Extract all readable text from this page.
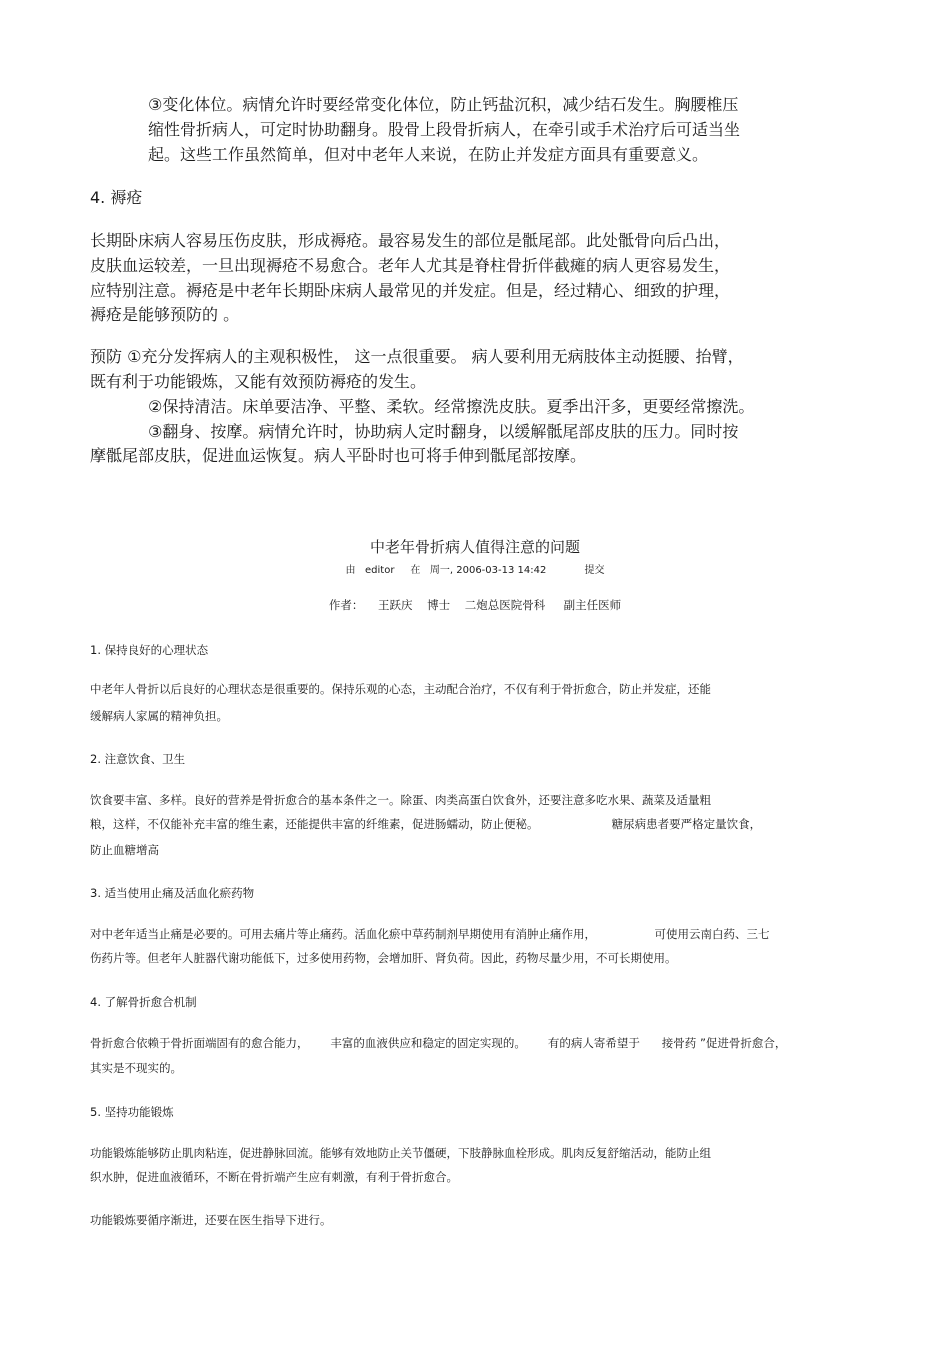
③变化体位。病情允许时要经常变化体位，防止钙盐沉积，减少结石发生。胸腰椎压

缩性骨折病人，可定时协助翻身。股骨上段骨折病人，在牵引或手术治疗后可适当坐

起。这些工作虽然简单，但对中老年人来说，在防止并发症方面具有重要意义。

4. 褥疮

长期卧床病人容易压伤皮肤，形成褥疮。最容易发生的部位是骶尾部。此处骶骨向后凸出，

皮肤血运较差，一旦出现褥疮不易愈合。老年人尤其是脊柱骨折伴截瘫的病人更容易发生，

应特别注意。褥疮是中老年长期卧床病人最常见的并发症。但是，经过精心、细致的护理，

褥疮是能够预防的 。

预防 ①充分发挥病人的主观积极性， 这一点很重要。 病人要利用无病肢体主动挺腰、抬臂，

既有利于功能锻炼，又能有效预防褥疮的发生。

②保持清洁。床单要洁净、平整、柔软。经常擦洗皮肤。夏季出汗多，更要经常擦洗。

③翻身、按摩。病情允许时，协助病人定时翻身，以缓解骶尾部皮肤的压力。同时按

摩骶尾部皮肤，促进血运恢复。病人平卧时也可将手伸到骶尾部按摩。

中老年骨折病人值得注意的问题

由   editor     在   周一, 2006-03-13 14:42            提交

作者：    王跃庆    博士    二炮总医院骨科     副主任医师

1. 保持良好的心理状态

中老年人骨折以后良好的心理状态是很重要的。保持乐观的心态，主动配合治疗，不仅有利于骨折愈合，防止并发症，还能

缓解病人家属的精神负担。

2. 注意饮食、卫生

饮食要丰富、多样。良好的营养是骨折愈合的基本条件之一。除蛋、肉类高蛋白饮食外，还要注意多吃水果、蔬菜及适量粗

粮，这样，不仅能补充丰富的维生素，还能提供丰富的纤维素，促进肠蠕动，防止便秘。                    糖尿病患者要严格定量饮食，

防止血糖增高

3. 适当使用止痛及活血化瘀药物

对中老年适当止痛是必要的。可用去痛片等止痛药。活血化瘀中草药制剂早期使用有消肿止痛作用，                可使用云南白药、三七

伤药片等。但老年人脏器代谢功能低下，过多使用药物，会增加肝、肾负荷。因此，药物尽量少用，不可长期使用。

4. 了解骨折愈合机制

骨折愈合依赖于骨折面端固有的愈合能力，      丰富的血液供应和稳定的固定实现的。      有的病人寄希望于      接骨药 ”促进骨折愈合，

其实是不现实的。

5. 坚持功能锻炼

功能锻炼能够防止肌肉粘连，促进静脉回流。能够有效地防止关节僵硬，下肢静脉血栓形成。肌肉反复舒缩活动，能防止组

织水肿，促进血液循环，不断在骨折端产生应有刺激，有利于骨折愈合。

功能锻炼要循序渐进，还要在医生指导下进行。
